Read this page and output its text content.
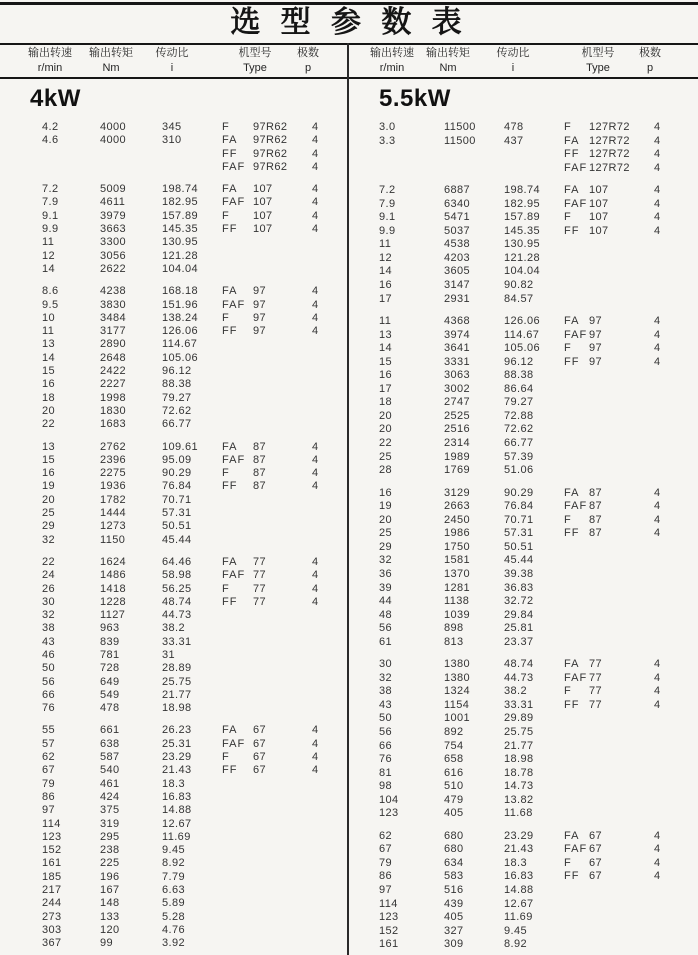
选 型 参 数 表
输出转速
r/min
输出转矩
Nm
传动比
i
机型号
Type
极数
p
输出转速
r/min
输出转矩
Nm
传动比
i
机型号
Type
极数
p
4kW
4.2	4000	345	F	97R62	4
4.6	4000	310	FA	97R62	4
FF	97R62	4
FAF 97R62	4
7.2	5009	198.74	FA	107	4
7.9	4611	182.95	FAF 107	4
9.1	3979	157.89	F	107	4
9.9	3663	145.35	FF	107	4
11	3300	130.95
12	3056	121.28
14	2622	104.04
8.6	4238	168.18	FA	97	4
9.5	3830	151.96	FAF 97	4
10	3484	138.24	F	97	4
11	3177	126.06	FF	97	4
13	2890	114.67
14	2648	105.06
15	2422	96.12
16	2227	88.38
18	1998	79.27
20	1830	72.62
22	1683	66.77
13	2762	109.61	FA	87	4
15	2396	95.09	FAF 87	4
16	2275	90.29	F	87	4
19	1936	76.84	FF	87	4
20	1782	70.71
25	1444	57.31
29	1273	50.51
32	1150	45.44
22	1624	64.46	FA	77	4
24	1486	58.98	FAF 77	4
26	1418	56.25	F	77	4
30	1228	48.74	FF	77	4
32	1127	44.73
38	963	38.2
43	839	33.31
46	781	31
50	728	28.89
56	649	25.75
66	549	21.77
76	478	18.98
55	661	26.23	FA	67	4
57	638	25.31	FAF 67	4
62	587	23.29	F	67	4
67	540	21.43	FF	67	4
79	461	18.3
86	424	16.83
97	375	14.88
114	319	12.67
123	295	11.69
152	238	9.45
161	225	8.92
185	196	7.79
217	167	6.63
244	148	5.89
273	133	5.28
303	120	4.76
367	99	3.92
5.5kW
3.0	11500	478	F	127R72	4
3.3	11500	437	FA 127R72	4
FF 127R72	4
FAF 127R72	4
7.2	6887	198.74	FA 107	4
7.9	6340	182.95	FAF 107	4
9.1	5471	157.89	F	107	4
9.9	5037	145.35	FF 107	4
11	4538	130.95
12	4203	121.28
14	3605	104.04
16	3147	90.82
17	2931	84.57
11	4368	126.06	FA 97	4
13	3974	114.67	FAF 97	4
14	3641	105.06	F	97	4
15	3331	96.12	FF 97	4
16	3063	88.38
17	3002	86.64
18	2747	79.27
20	2525	72.88
20	2516	72.62
22	2314	66.77
25	1989	57.39
28	1769	51.06
16	3129	90.29	FA 87	4
19	2663	76.84	FAF 87	4
20	2450	70.71	F	87	4
25	1986	57.31	FF 87	4
29	1750	50.51
32	1581	45.44
36	1370	39.38
39	1281	36.83
44	1138	32.72
48	1039	29.84
56	898	25.81
61	813	23.37
30	1380	48.74	FA 77	4
32	1380	44.73	FAF 77	4
38	1324	38.2	F	77	4
43	1154	33.31	FF 77	4
50	1001	29.89
56	892	25.75
66	754	21.77
76	658	18.98
81	616	18.78
98	510	14.73
104	479	13.82
123	405	11.68
62	680	23.29	FA 67	4
67	680	21.43	FAF 67	4
79	634	18.3	F	67	4
86	583	16.83	FF 67	4
97	516	14.88
114	439	12.67
123	405	11.69
152	327	9.45
161	309	8.92
